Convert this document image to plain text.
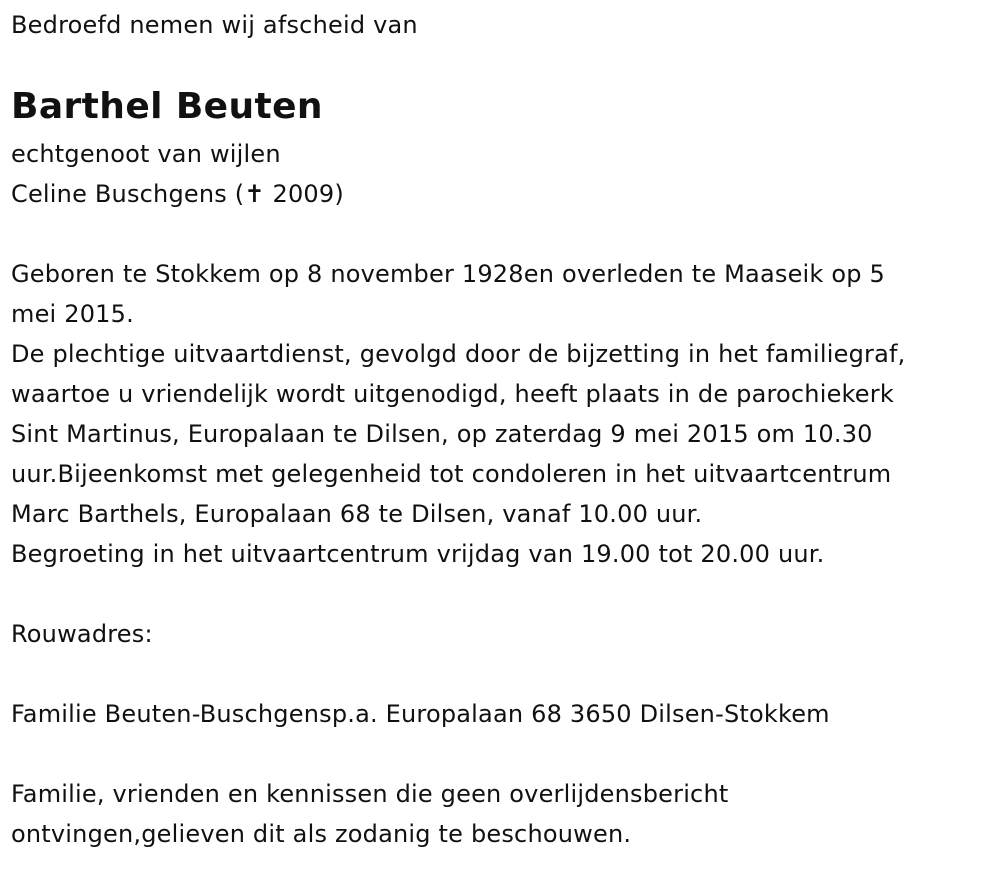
Bedroefd nemen wij afscheid van
Barthel Beuten
echtgenoot van wijlen
Celine Buschgens (✝ 2009)
Geboren te Stokkem op 8 november 1928en overleden te Maaseik op 5
mei 2015.
De plechtige uitvaartdienst, gevolgd door de bijzetting in het familiegraf,
waartoe u vriendelijk wordt uitgenodigd, heeft plaats in de parochiekerk
Sint Martinus, Europalaan te Dilsen, op zaterdag 9 mei 2015 om 10.30
uur.Bijeenkomst met gelegenheid tot condoleren in het uitvaartcentrum
Marc Barthels, Europalaan 68 te Dilsen, vanaf 10.00 uur.
Begroeting in het uitvaartcentrum vrijdag van 19.00 tot 20.00 uur.
Rouwadres:
Familie Beuten-Buschgensp.a. Europalaan 68 3650 Dilsen-Stokkem
Familie, vrienden en kennissen die geen overlijdensbericht
ontvingen,gelieven dit als zodanig te beschouwen.
